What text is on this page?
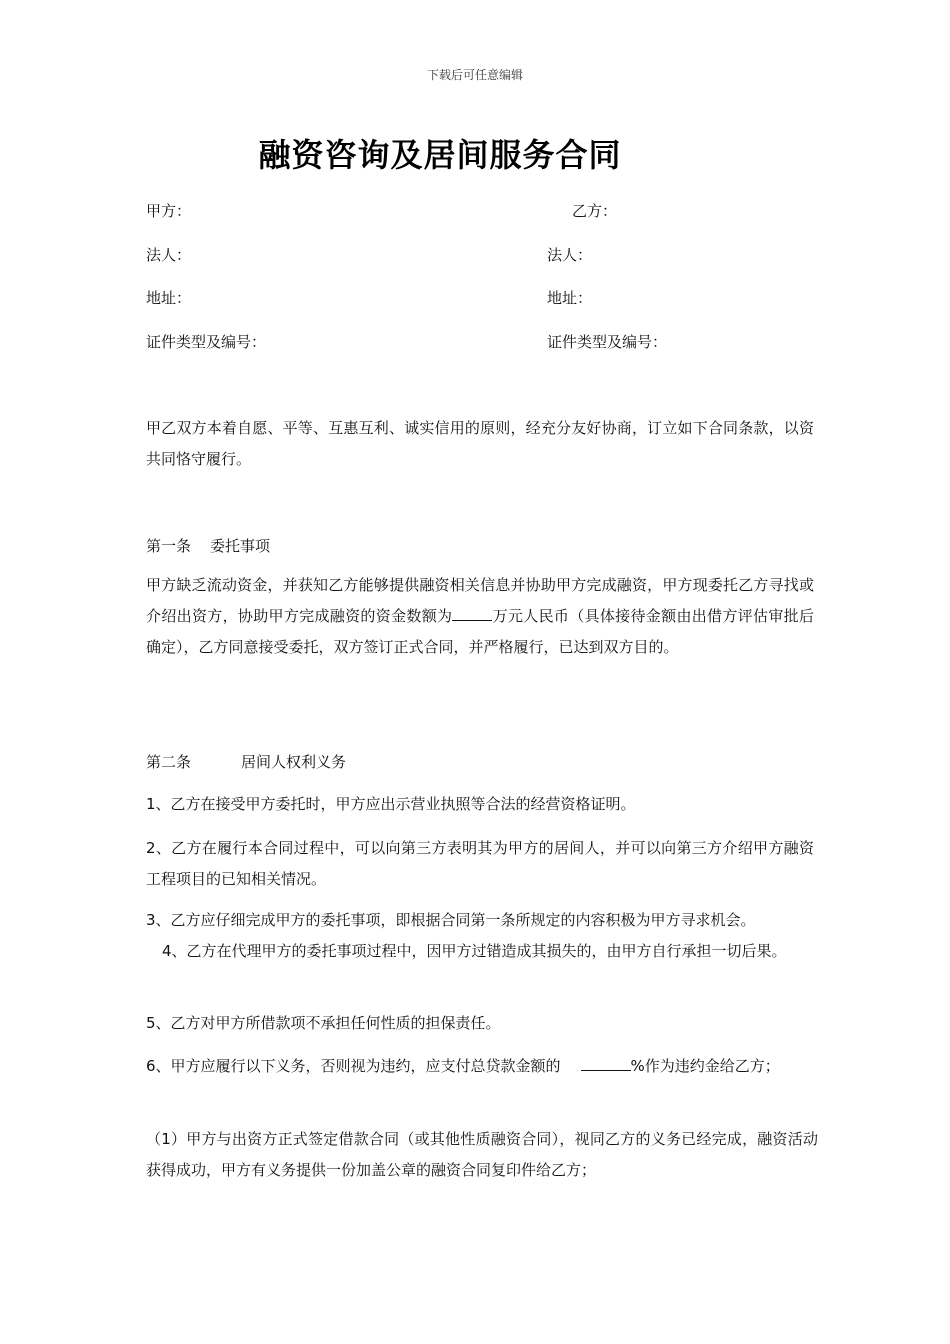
下载后可任意编辑
融资咨询及居间服务合同
甲方：	乙方：
法人：	法人：
地址：	地址：
证件类型及编号：	证件类型及编号：
甲乙双方本着自愿、平等、互惠互利、诚实信用的原则，经充分友好协商，订立如下合同条款，以资共同恪守履行。
第一条 委托事项
甲方缺乏流动资金，并获知乙方能够提供融资相关信息并协助甲方完成融资，甲方现委托乙方寻找或介绍出资方，协助甲方完成融资的资金数额为	万元人民币（具体接待金额由出借方评估审批后确定），乙方同意接受委托，双方签订正式合同，并严格履行，已达到双方目的。
第二条	居间人权利义务
1、乙方在接受甲方委托时，甲方应出示营业执照等合法的经营资格证明。
2、乙方在履行本合同过程中，可以向第三方表明其为甲方的居间人，并可以向第三方介绍甲方融资工程项目的已知相关情况。
3、乙方应仔细完成甲方的委托事项，即根据合同第一条所规定的内容积极为甲方寻求机会。
4、乙方在代理甲方的委托事项过程中，因甲方过错造成其损失的，由甲方自行承担一切后果。
5、乙方对甲方所借款项不承担任何性质的担保责任。
6、甲方应履行以下义务，否则视为违约，应支付总贷款金额的	%作为违约金给乙方；
（1）甲方与出资方正式签定借款合同（或其他性质融资合同），视同乙方的义务已经完成，融资活动获得成功，甲方有义务提供一份加盖公章的融资合同复印件给乙方；
